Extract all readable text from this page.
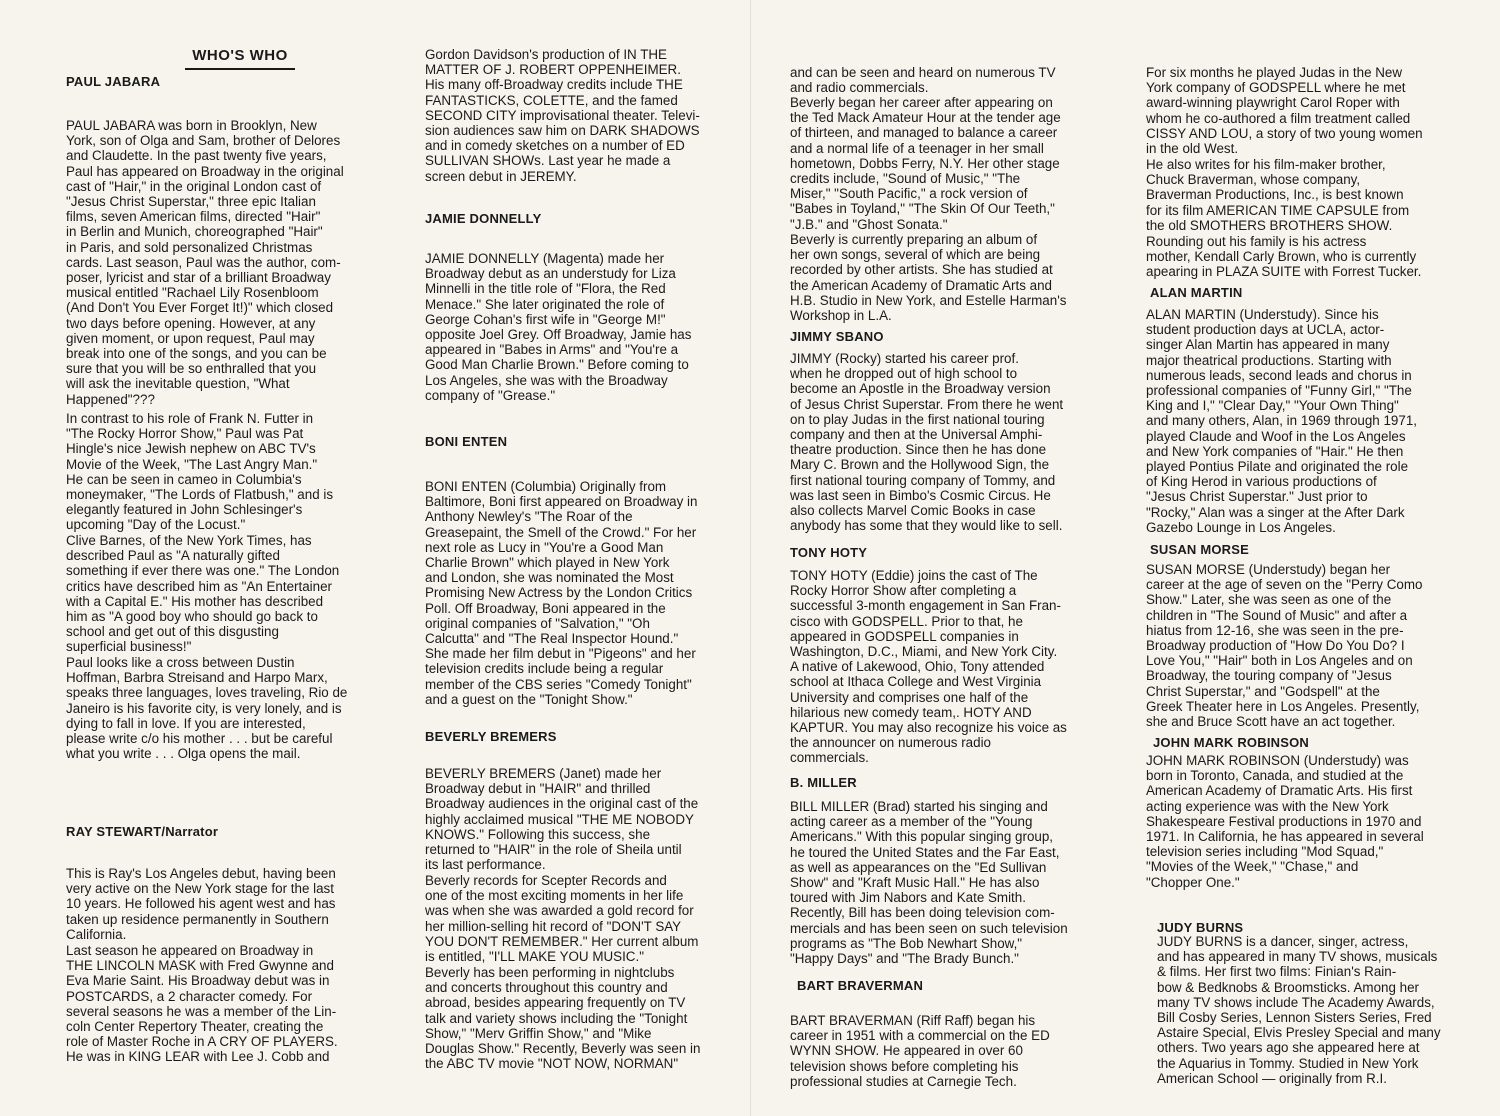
WHO'S WHO
PAUL JABARA
PAUL JABARA was born in Brooklyn, New
York, son of Olga and Sam, brother of Delores
and Claudette. In the past twenty five years,
Paul has appeared on Broadway in the original
cast of "Hair," in the original London cast of
"Jesus Christ Superstar," three epic Italian
films, seven American films, directed "Hair"
in Berlin and Munich, choreographed "Hair"
in Paris, and sold personalized Christmas
cards. Last season, Paul was the author, com-
poser, lyricist and star of a brilliant Broadway
musical entitled "Rachael Lily Rosenbloom
(And Don't You Ever Forget It!)" which closed
two days before opening. However, at any
given moment, or upon request, Paul may
break into one of the songs, and you can be
sure that you will be so enthralled that you
will ask the inevitable question, "What
Happened"???
In contrast to his role of Frank N. Futter in
"The Rocky Horror Show," Paul was Pat
Hingle's nice Jewish nephew on ABC TV's
Movie of the Week, "The Last Angry Man."
He can be seen in cameo in Columbia's
moneymaker, "The Lords of Flatbush," and is
elegantly featured in John Schlesinger's
upcoming "Day of the Locust."
Clive Barnes, of the New York Times, has
described Paul as "A naturally gifted
something if ever there was one." The London
critics have described him as "An Entertainer
with a Capital E." His mother has described
him as "A good boy who should go back to
school and get out of this disgusting
superficial business!"
Paul looks like a cross between Dustin
Hoffman, Barbra Streisand and Harpo Marx,
speaks three languages, loves traveling, Rio de
Janeiro is his favorite city, is very lonely, and is
dying to fall in love. If you are interested,
please write c/o his mother . . . but be careful
what you write . . . Olga opens the mail.
RAY STEWART/Narrator
This is Ray's Los Angeles debut, having been
very active on the New York stage for the last
10 years. He followed his agent west and has
taken up residence permanently in Southern
California.
Last season he appeared on Broadway in
THE LINCOLN MASK with Fred Gwynne and
Eva Marie Saint. His Broadway debut was in
POSTCARDS, a 2 character comedy. For
several seasons he was a member of the Lin-
coln Center Repertory Theater, creating the
role of Master Roche in A CRY OF PLAYERS.
He was in KING LEAR with Lee J. Cobb and
Gordon Davidson's production of IN THE
MATTER OF J. ROBERT OPPENHEIMER.
His many off-Broadway credits include THE
FANTASTICKS, COLETTE, and the famed
SECOND CITY improvisational theater. Televi-
sion audiences saw him on DARK SHADOWS
and in comedy sketches on a number of ED
SULLIVAN SHOWs. Last year he made a
screen debut in JEREMY.
JAMIE DONNELLY
JAMIE DONNELLY (Magenta) made her
Broadway debut as an understudy for Liza
Minnelli in the title role of "Flora, the Red
Menace." She later originated the role of
George Cohan's first wife in "George M!"
opposite Joel Grey. Off Broadway, Jamie has
appeared in "Babes in Arms" and "You're a
Good Man Charlie Brown." Before coming to
Los Angeles, she was with the Broadway
company of "Grease."
BONI ENTEN
BONI ENTEN (Columbia) Originally from
Baltimore, Boni first appeared on Broadway in
Anthony Newley's "The Roar of the
Greasepaint, the Smell of the Crowd." For her
next role as Lucy in "You're a Good Man
Charlie Brown" which played in New York
and London, she was nominated the Most
Promising New Actress by the London Critics
Poll. Off Broadway, Boni appeared in the
original companies of "Salvation," "Oh
Calcutta" and "The Real Inspector Hound."
She made her film debut in "Pigeons" and her
television credits include being a regular
member of the CBS series "Comedy Tonight"
and a guest on the "Tonight Show."
BEVERLY BREMERS
BEVERLY BREMERS (Janet) made her
Broadway debut in "HAIR" and thrilled
Broadway audiences in the original cast of the
highly acclaimed musical "THE ME NOBODY
KNOWS." Following this success, she
returned to "HAIR" in the role of Sheila until
its last performance.
Beverly records for Scepter Records and
one of the most exciting moments in her life
was when she was awarded a gold record for
her million-selling hit record of "DON'T SAY
YOU DON'T REMEMBER." Her current album
is entitled, "I'LL MAKE YOU MUSIC."
Beverly has been performing in nightclubs
and concerts throughout this country and
abroad, besides appearing frequently on TV
talk and variety shows including the "Tonight
Show," "Merv Griffin Show," and "Mike
Douglas Show." Recently, Beverly was seen in
the ABC TV movie "NOT NOW, NORMAN"
and can be seen and heard on numerous TV
and radio commercials.
Beverly began her career after appearing on
the Ted Mack Amateur Hour at the tender age
of thirteen, and managed to balance a career
and a normal life of a teenager in her small
hometown, Dobbs Ferry, N.Y. Her other stage
credits include, "Sound of Music," "The
Miser," "South Pacific," a rock version of
"Babes in Toyland," "The Skin Of Our Teeth,"
"J.B." and "Ghost Sonata."
Beverly is currently preparing an album of
her own songs, several of which are being
recorded by other artists. She has studied at
the American Academy of Dramatic Arts and
H.B. Studio in New York, and Estelle Harman's
Workshop in L.A.
JIMMY SBANO
JIMMY (Rocky) started his career prof.
when he dropped out of high school to
become an Apostle in the Broadway version
of Jesus Christ Superstar. From there he went
on to play Judas in the first national touring
company and then at the Universal Amphi-
theatre production. Since then he has done
Mary C. Brown and the Hollywood Sign, the
first national touring company of Tommy, and
was last seen in Bimbo's Cosmic Circus. He
also collects Marvel Comic Books in case
anybody has some that they would like to sell.
TONY HOTY
TONY HOTY (Eddie) joins the cast of The
Rocky Horror Show after completing a
successful 3-month engagement in San Fran-
cisco with GODSPELL. Prior to that, he
appeared in GODSPELL companies in
Washington, D.C., Miami, and New York City.
A native of Lakewood, Ohio, Tony attended
school at Ithaca College and West Virginia
University and comprises one half of the
hilarious new comedy team,. HOTY AND
KAPTUR. You may also recognize his voice as
the announcer on numerous radio
commercials.
B. MILLER
BILL MILLER (Brad) started his singing and
acting career as a member of the "Young
Americans." With this popular singing group,
he toured the United States and the Far East,
as well as appearances on the "Ed Sullivan
Show" and "Kraft Music Hall." He has also
toured with Jim Nabors and Kate Smith.
Recently, Bill has been doing television com-
mercials and has been seen on such television
programs as "The Bob Newhart Show,"
"Happy Days" and "The Brady Bunch."
BART BRAVERMAN
BART BRAVERMAN (Riff Raff) began his
career in 1951 with a commercial on the ED
WYNN SHOW. He appeared in over 60
television shows before completing his
professional studies at Carnegie Tech.
For six months he played Judas in the New
York company of GODSPELL where he met
award-winning playwright Carol Roper with
whom he co-authored a film treatment called
CISSY AND LOU, a story of two young women
in the old West.
He also writes for his film-maker brother,
Chuck Braverman, whose company,
Braverman Productions, Inc., is best known
for its film AMERICAN TIME CAPSULE from
the old SMOTHERS BROTHERS SHOW.
Rounding out his family is his actress
mother, Kendall Carly Brown, who is currently
apearing in PLAZA SUITE with Forrest Tucker.
ALAN MARTIN
ALAN MARTIN (Understudy). Since his
student production days at UCLA, actor-
singer Alan Martin has appeared in many
major theatrical productions. Starting with
numerous leads, second leads and chorus in
professional companies of "Funny Girl," "The
King and I," "Clear Day," "Your Own Thing"
and many others, Alan, in 1969 through 1971,
played Claude and Woof in the Los Angeles
and New York companies of "Hair." He then
played Pontius Pilate and originated the role
of King Herod in various productions of
"Jesus Christ Superstar." Just prior to
"Rocky," Alan was a singer at the After Dark
Gazebo Lounge in Los Angeles.
SUSAN MORSE
SUSAN MORSE (Understudy) began her
career at the age of seven on the "Perry Como
Show." Later, she was seen as one of the
children in "The Sound of Music" and after a
hiatus from 12-16, she was seen in the pre-
Broadway production of "How Do You Do? I
Love You," "Hair" both in Los Angeles and on
Broadway, the touring company of "Jesus
Christ Superstar," and "Godspell" at the
Greek Theater here in Los Angeles. Presently,
she and Bruce Scott have an act together.
JOHN MARK ROBINSON
JOHN MARK ROBINSON (Understudy) was
born in Toronto, Canada, and studied at the
American Academy of Dramatic Arts. His first
acting experience was with the New York
Shakespeare Festival productions in 1970 and
1971. In California, he has appeared in several
television series including "Mod Squad,"
"Movies of the Week," "Chase," and
"Chopper One."
JUDY BURNS
JUDY BURNS is a dancer, singer, actress,
and has appeared in many TV shows, musicals
& films. Her first two films: Finian's Rain-
bow & Bedknobs & Broomsticks. Among her
many TV shows include The Academy Awards,
Bill Cosby Series, Lennon Sisters Series, Fred
Astaire Special, Elvis Presley Special and many
others. Two years ago she appeared here at
the Aquarius in Tommy. Studied in New York
American School — originally from R.I.
